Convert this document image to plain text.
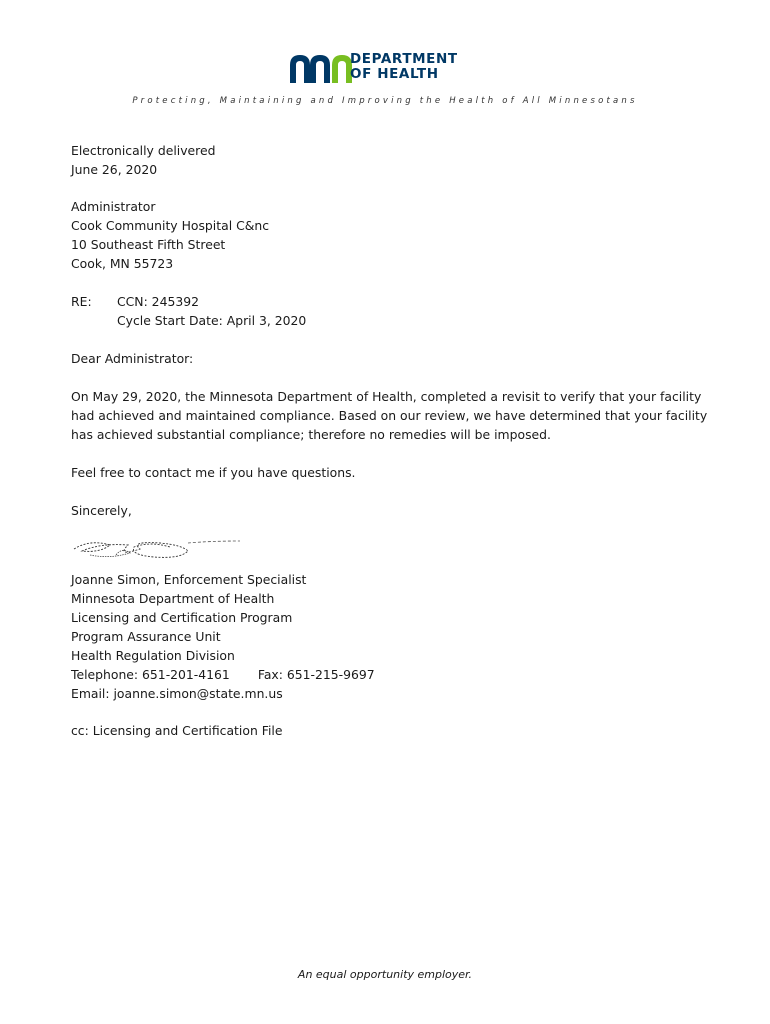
DEPARTMENT
OF HEALTH
Protecting, Maintaining and Improving the Health of All Minnesotans
Electronically delivered
June 26, 2020
Administrator
Cook Community Hospital C&nc
10 Southeast Fifth Street
Cook, MN 55723
RE:	CCN: 245392
Cycle Start Date: April 3, 2020
Dear Administrator:
On May 29, 2020, the Minnesota Department of Health, completed a revisit to verify that your facility
had achieved and maintained compliance. Based on our review, we have determined that your facility
has achieved substantial compliance; therefore no remedies will be imposed.
Feel free to contact me if you have questions.
Sincerely,
Joanne Simon, Enforcement Specialist
Minnesota Department of Health
Licensing and Certification Program
Program Assurance Unit
Health Regulation Division
Telephone: 651-201-4161 Fax: 651-215-9697
Email: joanne.simon@state.mn.us
cc: Licensing and Certification File
An equal opportunity employer.
